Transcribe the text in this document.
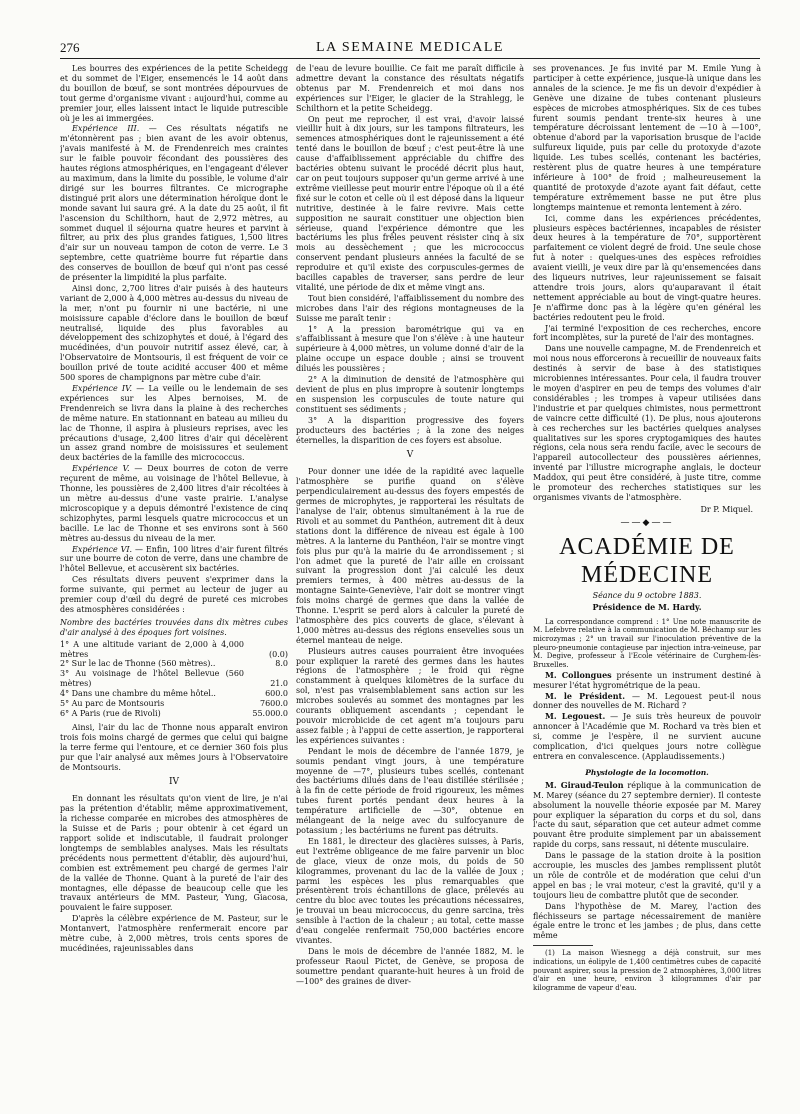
276	LA SEMAINE MEDICALE

Les bourres des expériences de la petite Scheidegg et du sommet de l'Eiger, ensemencés le 14 août dans du bouillon de bœuf, se sont montrées dépourvues de tout germe d'organisme vivant : aujourd'hui, comme au premier jour, elles laissent intact le liquide putrescible où je les ai immergées.

Expérience III. — Ces résultats négatifs ne m'étonnèrent pas ; bien avant de les avoir obtenus, j'avais manifesté à M. de Frendenreich mes craintes sur le faible pouvoir fécondant des poussières des hautes régions atmosphériques, en l'engageant d'élever au maximum, dans la limite du possible, le volume d'air dirigé sur les bourres filtrantes. Ce micrographe distingué prit alors une détermination héroïque dont le monde savant lui saura gré. A la date du 25 août, il fit l'ascension du Schilthorn, haut de 2,972 mètres, au sommet duquel il séjourna quatre heures et parvint à filtrer, au prix des plus grandes fatigues, 1,500 litres d'air sur un nouveau tampon de coton de verre. Le 3 septembre, cette quatrième bourre fut répartie dans des conserves de bouillon de bœuf qui n'ont pas cessé de présenter la limpidité la plus parfaite.

Ainsi donc, 2,700 litres d'air puisés à des hauteurs variant de 2,000 à 4,000 mètres au-dessus du niveau de la mer, n'ont pu fournir ni une bactérie, ni une moisissure capable d'éclore dans le bouillon de bœuf neutralisé, liquide des plus favorables au développement des schizophytes et doué, à l'égard des mucédinées, d'un pouvoir nutritif assez élevé, car, à l'Observatoire de Montsouris, il est fréquent de voir ce bouillon privé de toute acidité accuser 400 et même 500 spores de champignons par mètre cube d'air.

Expérience IV. — La veille ou le lendemain de ses expériences sur les Alpes bernoises, M. de Frendenreich se livra dans la plaine à des recherches de même nature. En stationnant en bateau au milieu du lac de Thonne, il aspira à plusieurs reprises, avec les précautions d'usage, 2,400 litres d'air qui décelèrent un assez grand nombre de moisissures et seulement deux bactéries de la famille des micrococcus.

Expérience V. — Deux bourres de coton de verre reçurent de même, au voisinage de l'hôtel Bellevue, à Thonne, les poussières de 2,400 litres d'air récoltées à un mètre au-dessus d'une vaste prairie. L'analyse microscopique y a depuis démontré l'existence de cinq schizophytes, parmi lesquels quatre micrococcus et un bacille. Le lac de Thonne et ses environs sont à 560 mètres au-dessus du niveau de la mer.

Expérience VI. — Enfin, 100 litres d'air furent filtrés sur une bourre de coton de verre, dans une chambre de l'hôtel Bellevue, et accusèrent six bactéries.

Ces résultats divers peuvent s'exprimer dans la forme suivante, qui permet au lecteur de juger au premier coup d'œil du degré de pureté ces microbes des atmosphères considérées :

Nombre des bactéries trouvées dans dix mètres cubes d'air analysé à des époques fort voisines.

1° A une altitude variant de 2,000 à 4,000 mètres	(0.0)
2° Sur le lac de Thonne (560 mètres)..	8.0
3° Au voisinage de l'hôtel Bellevue (560 mètres)	21.0
4° Dans une chambre du même hôtel..	600.0
5° Au parc de Montsouris	7600.0
6° A Paris (rue de Rivoli)	55.000.0

Ainsi, l'air du lac de Thonne nous apparaît environ trois fois moins chargé de germes que celui qui baigne la terre ferme qui l'entoure, et ce dernier 360 fois plus pur que l'air analysé aux mêmes jours à l'Observatoire de Montsouris.

IV

En donnant les résultats qu'on vient de lire, je n'ai pas la prétention d'établir, même approximativement, la richesse comparée en microbes des atmosphères de la Suisse et de Paris ; pour obtenir à cet égard un rapport solide et indiscutable, il faudrait prolonger longtemps de semblables analyses. Mais les résultats précédents nous permettent d'établir, dès aujourd'hui, combien est extrêmement peu chargé de germes l'air de la vallée de Thonne. Quant à la pureté de l'air des montagnes, elle dépasse de beaucoup celle que les travaux antérieurs de MM. Pasteur, Yung, Giacosa, pouvaient le faire supposer.

D'après la célèbre expérience de M. Pasteur, sur le Montanvert, l'atmosphère renfermerait encore par mètre cube, à 2,000 mètres, trois cents spores de mucédinées, rajeunissables dans

de l'eau de levure bouillie. Ce fait me paraît difficile à admettre devant la constance des résultats négatifs obtenus par M. Frendenreich et moi dans nos expériences sur l'Eiger, le glacier de la Strahlegg, le Schilthorn et la petite Scheidegg.

On peut me reprocher, il est vrai, d'avoir laissé vieillir huit à dix jours, sur les tampons filtrateurs, les semences atmosphériques dont le rajeunissement a été tenté dans le bouillon de bœuf ; c'est peut-être là une cause d'affaiblissement appréciable du chiffre des bactéries obtenu suivant le procédé décrit plus haut, car on peut toujours supposer qu'un germe arrivé à une extrême vieillesse peut mourir entre l'époque où il a été fixé sur le coton et celle où il est déposé dans la liqueur nutritive, destinée à le faire revivre. Mais cette supposition ne saurait constituer une objection bien sérieuse, quand l'expérience démontre que les bactériums les plus frêles peuvent résister cinq à six mois au dessèchement ; que les micrococcus conservent pendant plusieurs années la faculté de se reproduire et qu'il existe des corpuscules-germes de bacilles capables de traverser, sans perdre de leur vitalité, une période de dix et même vingt ans.

Tout bien considéré, l'affaiblissement du nombre des microbes dans l'air des régions montagneuses de la Suisse me paraît tenir :

1° A la pression barométrique qui va en s'affaiblissant à mesure que l'on s'élève : à une hauteur supérieure à 4,000 mètres, un volume donné d'air de la plaine occupe un espace double ; ainsi se trouvent dilués les poussières ;

2° A la diminution de densité de l'atmosphère qui devient de plus en plus impropre à soutenir longtemps en suspension les corpuscules de toute nature qui constituent ses sédiments ;

3° A la disparition progressive des foyers producteurs des bactéries ; à la zone des neiges éternelles, la disparition de ces foyers est absolue.

V

Pour donner une idée de la rapidité avec laquelle l'atmosphère se purifie quand on s'élève perpendiculairement au-dessus des foyers empestés de germes de microphytes, je rapporterai les résultats de l'analyse de l'air, obtenus simultanément à la rue de Rivoli et au sommet du Panthéon, autrement dit à deux stations dont la différence de niveau est égale à 100 mètres. A la lanterne du Panthéon, l'air se montre vingt fois plus pur qu'à la mairie du 4e arrondissement ; si l'on admet que la pureté de l'air aille en croissant suivant la progression dont j'ai calculé les deux premiers termes, à 400 mètres au-dessus de la montagne Sainte-Geneviève, l'air doit se montrer vingt fois moins chargé de germes que dans la vallée de Thonne. L'esprit se perd alors à calculer la pureté de l'atmosphère des pics couverts de glace, s'élevant à 1,000 mètres au-dessus des régions ensevelies sous un éternel manteau de neige.

Plusieurs autres causes pourraient être invoquées pour expliquer la rareté des germes dans les hautes régions de l'atmosphère ; le froid qui règne constamment à quelques kilomètres de la surface du sol, n'est pas vraisemblablement sans action sur les microbes soulevés au sommet des montagnes par les courants obliquement ascendants ; cependant le pouvoir microbicide de cet agent m'a toujours paru assez faible ; à l'appui de cette assertion, je rapporterai les expériences suivantes :

Pendant le mois de décembre de l'année 1879, je soumis pendant vingt jours, à une température moyenne de —7°, plusieurs tubes scellés, contenant des bactériums dilués dans de l'eau distillée stérilisée ; à la fin de cette période de froid rigoureux, les mêmes tubes furent portés pendant deux heures à la température artificielle de —30°, obtenue en mélangeant de la neige avec du sulfocyanure de potassium ; les bactériums ne furent pas détruits.

En 1881, le directeur des glacières suisses, à Paris, eut l'extrême obligeance de me faire parvenir un bloc de glace, vieux de onze mois, du poids de 50 kilogrammes, provenant du lac de la vallée de Joux ; parmi les espèces les plus remarquables que présentèrent trois échantillons de glace, prélevés au centre du bloc avec toutes les précautions nécessaires, je trouvai un beau micrococcus, du genre sarcina, très sensible à l'action de la chaleur ; au total, cette masse d'eau congelée renfermait 750,000 bactéries encore vivantes.

Dans le mois de décembre de l'année 1882, M. le professeur Raoul Pictet, de Genève, se proposa de soumettre pendant quarante-huit heures à un froid de —100° des graines de diver-

ses provenances. Je fus invité par M. Emile Yung à participer à cette expérience, jusque-là unique dans les annales de la science. Je me fis un devoir d'expédier à Genève une dizaine de tubes contenant plusieurs espèces de microbes atmosphériques. Six de ces tubes furent soumis pendant trente-six heures à une température décroissant lentement de —10 à —100°, obtenue d'abord par la vaporisation brusque de l'acide sulfureux liquide, puis par celle du protoxyde d'azote liquide. Les tubes scellés, contenant les bactéries, restèrent plus de quatre heures à une température inférieure à 100° de froid ; malheureusement la quantité de protoxyde d'azote ayant fait défaut, cette température extrêmement basse ne put être plus longtemps maintenue et remonta lentement à zéro.

Ici, comme dans les expériences précédentes, plusieurs espèces bactériennes, incapables de résister deux heures à la température de 70°, supportèrent parfaitement ce violent degré de froid. Une seule chose fut à noter : quelques-unes des espèces refroidies avaient vieilli, je veux dire par là qu'ensemencées dans des liqueurs nutrives, leur rajeunissement se faisait attendre trois jours, alors qu'auparavant il était nettement appréciable au bout de vingt-quatre heures. Je n'affirme donc pas à la légère qu'en général les bactéries redoutent peu le froid.

J'ai terminé l'exposition de ces recherches, encore fort incomplètes, sur la pureté de l'air des montagnes.

Dans une nouvelle campagne, M. de Frendenreich et moi nous nous efforcerons à recueillir de nouveaux faits destinés à servir de base à des statistiques microbiennes intéressantes. Pour cela, il faudra trouver le moyen d'aspirer en peu de temps des volumes d'air considérables ; les trompes à vapeur utilisées dans l'industrie et par quelques chimistes, nous permettront de vaincre cette difficulté (1). De plus, nous ajouterons à ces recherches sur les bactéries quelques analyses qualitatives sur les spores cryptogamiques des hautes régions, cela nous sera rendu facile, avec le secours de l'appareil autocollecteur des poussières aériennes, inventé par l'illustre micrographe anglais, le docteur Maddox, qui peut être considéré, à juste titre, comme le promoteur des recherches statistiques sur les organismes vivants de l'atmosphère.

Dr P. Miquel.
——◆——
ACADÉMIE DE MÉDECINE
Séance du 9 octobre 1883.
Présidence de M. Hardy.

La correspondance comprend : 1° Une note manuscrite de M. Lefebvre relative à la communication de M. Béchamp sur les microzymas ; 2° un travail sur l'inoculation préventive de la pleuro-pneumonie contagieuse par injection intra-veineuse, par M. Degive, professeur à l'Ecole vétérinaire de Curghem-lès-Bruxelles.

M. Collongues présente un instrument destiné à mesurer l'état hygrométrique de la peau.

M. le Président. — M. Legouest peut-il nous donner des nouvelles de M. Richard ?

M. Legouest. — Je suis très heureux de pouvoir annoncer à l'Académie que M. Rochard va très bien et si, comme je l'espère, il ne survient aucune complication, d'ici quelques jours notre collègue entrera en convalescence. (Applaudissements.)

Physiologie de la locomotion.

M. Giraud-Teulon réplique à la communication de M. Marey (séance du 27 septembre dernier). Il conteste absolument la nouvelle théorie exposée par M. Marey pour expliquer la séparation du corps et du sol, dans l'acte du saut, séparation que cet auteur admet comme pouvant être produite simplement par un abaissement rapide du corps, sans ressaut, ni détente musculaire.

Dans le passage de la station droite à la position accroupie, les muscles des jambes remplissent plutôt un rôle de contrôle et de modération que celui d'un appel en bas ; le vrai moteur, c'est la gravité, qu'il y a toujours lieu de combattre plutôt que de seconder.

Dans l'hypothèse de M. Marey, l'action des fléchisseurs se partage nécessairement de manière égale entre le tronc et les jambes ; de plus, dans cette même

(1) La maison Wiesnegg a déjà construit, sur mes indications, un éolipyle de 1,400 centimètres cubes de capacité pouvant aspirer, sous la pression de 2 atmosphères, 3,000 litres d'air en une heure, environ 3 kilogrammes d'air par kilogramme de vapeur d'eau.
